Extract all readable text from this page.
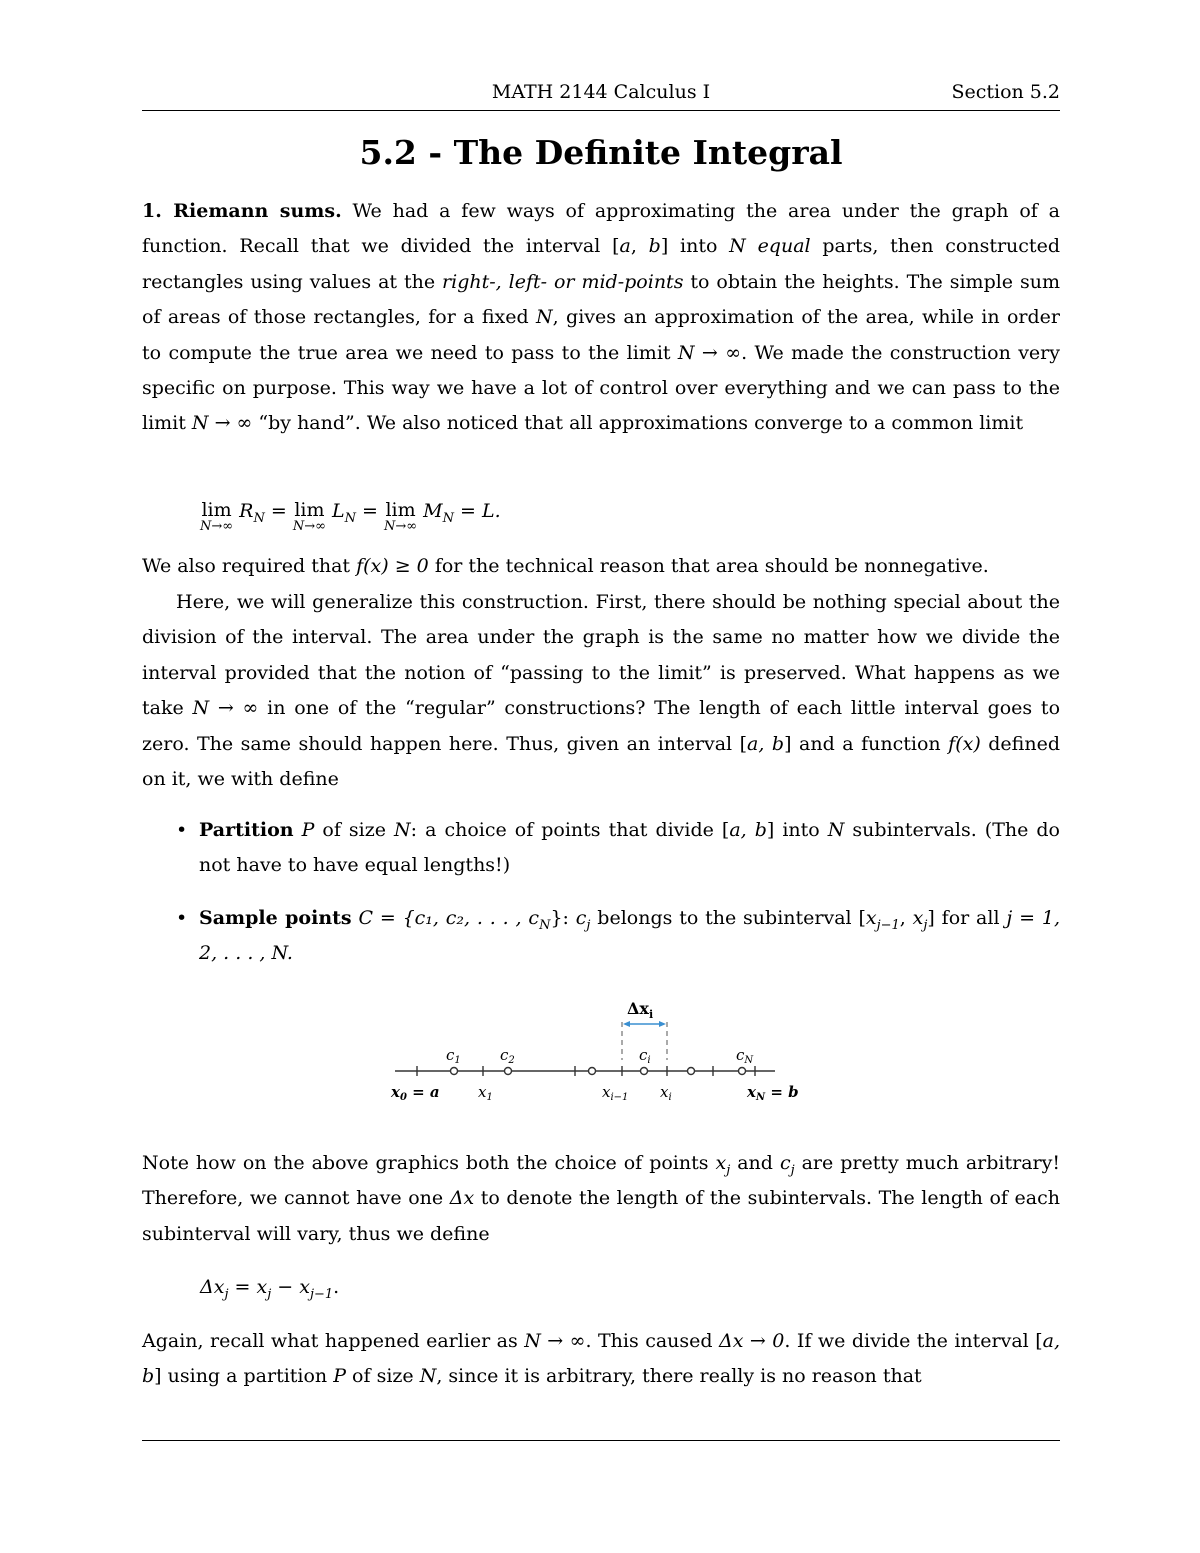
MATH 2144 Calculus I	Section 5.2
5.2 - The Definite Integral

1. Riemann sums. We had a few ways of approximating the area under the graph of a function. Recall that we divided the interval [a, b] into N equal parts, then constructed rectangles using values at the right-, left- or mid-points to obtain the heights. The simple sum of areas of those rectangles, for a fixed N, gives an approximation of the area, while in order to compute the true area we need to pass to the limit N → ∞. We made the construction very specific on purpose. This way we have a lot of control over everything and we can pass to the limit N → ∞ “by hand”. We also noticed that all approximations converge to a common limit

lim
N→∞
$R_N = \lim$
N→∞
$L_N = \lim$
N→∞
$M_N = L$.

We also required that f(x) ≥ 0 for the technical reason that area should be nonnegative.

Here, we will generalize this construction. First, there should be nothing special about the division of the interval. The area under the graph is the same no matter how we divide the interval provided that the notion of “passing to the limit” is preserved. What happens as we take N → ∞ in one of the “regular” constructions? The length of each little interval goes to zero. The same should happen here. Thus, given an interval [a, b] and a function f(x) defined on it, we with define

• Partition P of size N: a choice of points that divide [a, b] into N subintervals. (The do not have to have equal lengths!)
• Sample points C = {c₁, c₂, . . . , $c_N$}: $c_j$ belongs to the subinterval [$x_{j-1}$, $x_j$] for all j = 1, 2, . . . , N.
$\Delta x_i$
$c_1$	$c_2$	$c_i$	$c_N$
$x_0 = a$	$x_1$	$x_{i-1}$ $x_i$	$x_N = b$

Note how on the above graphics both the choice of points $x_j$ and $c_j$ are pretty much arbitrary! Therefore, we cannot have one Δx to denote the length of the subintervals. The length of each subinterval will vary, thus we define

$\Delta x_j = x_j - x_{j-1}$.

Again, recall what happened earlier as N → ∞. This caused Δx → 0. If we divide the interval [a, b] using a partition P of size N, since it is arbitrary, there really is no reason that
